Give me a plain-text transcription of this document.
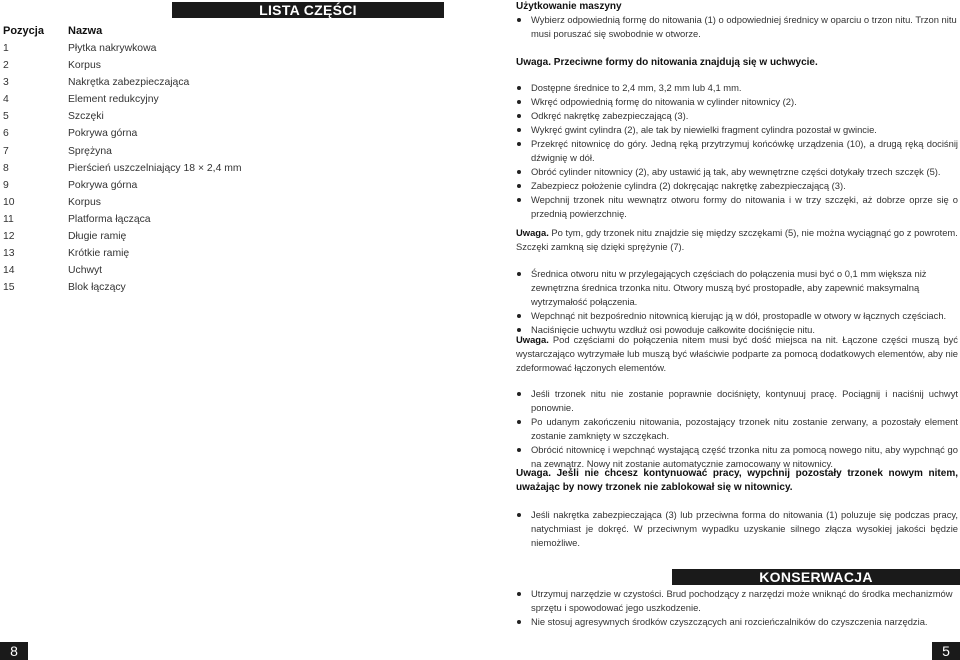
LISTA CZĘŚCI
Pozycja Nazwa
1	Płytka nakrywkowa
2	Korpus
3	Nakrętka zabezpieczająca
4	Element redukcyjny
5	Szczęki
6	Pokrywa górna
7	Sprężyna
8	Pierścień uszczelniający 18 × 2,4 mm
9	Pokrywa górna
10	Korpus
11	Platforma łącząca
12	Długie ramię
13	Krótkie ramię
14	Uchwyt
15	Blok łączący
8
Użytkowanie maszyny
Wybierz odpowiednią formę do nitowania (1) o odpowiedniej średnicy w oparciu o trzon nitu. Trzon nitu musi poruszać się swobodnie w otworze.
Uwaga. Przeciwne formy do nitowania znajdują się w uchwycie.
Dostępne średnice to 2,4 mm, 3,2 mm lub 4,1 mm.
Wkręć odpowiednią formę do nitowania w cylinder nitownicy (2).
Odkręć nakrętkę zabezpieczającą (3).
Wykręć gwint cylindra (2), ale tak by niewielki fragment cylindra pozostał w gwincie.
Przekręć nitownicę do góry. Jedną ręką przytrzymuj końcówkę urządzenia (10), a drugą ręką dociśnij dźwignię w dół.
Obróć cylinder nitownicy (2), aby ustawić ją tak, aby wewnętrzne części dotykały trzech szczęk (5).
Zabezpiecz położenie cylindra (2) dokręcając nakrętkę zabezpieczającą (3).
Wepchnij trzonek nitu wewnątrz otworu formy do nitowania i w trzy szczęki, aż dobrze oprze się o przednią powierzchnię.
Uwaga. Po tym, gdy trzonek nitu znajdzie się między szczękami (5), nie można wyciągnąć go z powrotem. Szczęki zamkną się dzięki sprężynie (7).
Średnica otworu nitu w przylegających częściach do połączenia musi być o 0,1 mm większa niż zewnętrzna średnica trzonka nitu. Otwory muszą być prostopadłe, aby zapewnić maksymalną wytrzymałość połączenia.
Wepchnąć nit bezpośrednio nitownicą kierując ją w dół, prostopadle w otwory w łącznych częściach.
Naciśnięcie uchwytu wzdłuż osi powoduje całkowite dociśnięcie nitu.
Uwaga. Pod częściami do połączenia nitem musi być dość miejsca na nit. Łączone części muszą być wystarczająco wytrzymałe lub muszą być właściwie podparte za pomocą dodatkowych elementów, aby nie zdeformować łączonych elementów.
Jeśli trzonek nitu nie zostanie poprawnie dociśnięty, kontynuuj pracę. Pociągnij i naciśnij uchwyt ponownie.
Po udanym zakończeniu nitowania, pozostający trzonek nitu zostanie zerwany, a pozostały element zostanie zamknięty w szczękach.
Obrócić nitownicę i wepchnąć wystającą część trzonka nitu za pomocą nowego nitu, aby wypchnąć go na zewnątrz. Nowy nit zostanie automatycznie zamocowany w nitownicy.
Uwaga. Jeśli nie chcesz kontynuować pracy, wypchnij pozostały trzonek nowym nitem, uważając by nowy trzonek nie zablokował się w nitownicy.
Jeśli nakrętka zabezpieczająca (3) lub przeciwna forma do nitowania (1) poluzuje się podczas pracy, natychmiast je dokręć. W przeciwnym wypadku uzyskanie silnego złącza wysokiej jakości będzie niemożliwe.
KONSERWACJA
Utrzymuj narzędzie w czystości. Brud pochodzący z narzędzi może wniknąć do środka mechanizmów sprzętu i spowodować jego uszkodzenie.
Nie stosuj agresywnych środków czyszczących ani rozcieńczalników do czyszczenia narzędzia.
5
